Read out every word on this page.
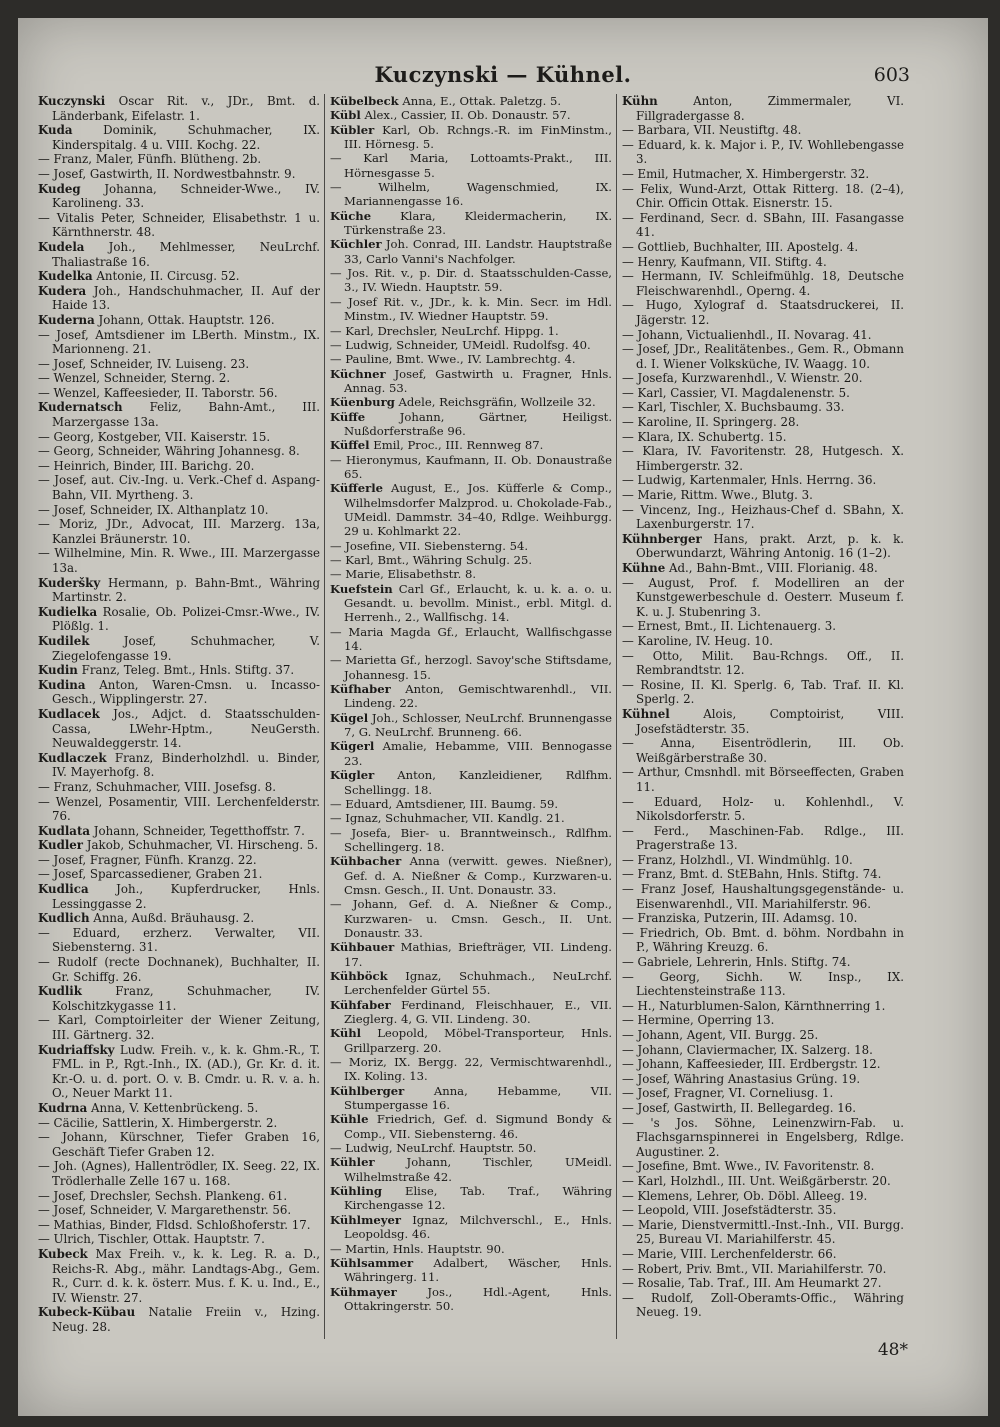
Kuczynski — Kühnel.	603
Kuczynski Oscar Rit. v., JDr., Bmt. d. Länderbank, Eifelastr. 1.
Kuda	Dominik, Schuhmacher, IX. Kinderspitalg. 4 u. VIII. Kochg. 22.
— Franz, Maler, Fünfh. Blütheng. 2b.
— Josef, Gastwirth, II. Nordwestbahnstr. 9.
Kudeg Johanna, Schneider-Wwe., IV. Karolineng. 33.
— Vitalis Peter, Schneider, Elisabethstr. 1 u. Kärnthnerstr. 48.
Kudela Joh., Mehlmesser, NeuLrchf. Thaliastraße 16.
Kudelka Antonie, II. Circusg. 52.
Kudera Joh., Handschuhmacher, II. Auf der Haide 13.
Kuderna Johann, Ottak. Hauptstr. 126.
— Josef, Amtsdiener im LBerth. Minstm., IX. Marionneng. 21.
— Josef, Schneider, IV. Luiseng. 23.
— Wenzel, Schneider, Sterng. 2.
— Wenzel, Kaffeesieder, II. Taborstr. 56.
Kudernatsch Feliz, Bahn-Amt., III. Marzergasse 13a.
— Georg, Kostgeber, VII. Kaiserstr. 15.
— Georg, Schneider, Währing Johannesg. 8.
— Heinrich, Binder, III. Barichg. 20.
— Josef, aut. Civ.-Ing. u. Verk.-Chef d. Aspang-Bahn, VII. Myrtheng. 3.
— Josef, Schneider, IX. Althanplatz 10.
— Moriz, JDr., Advocat, III. Marzerg. 13a, Kanzlei Bräunerstr. 10.
— Wilhelmine, Min. R. Wwe., III. Marzergasse 13a.
Kuderšky Hermann, p. Bahn-Bmt., Währing Martinstr. 2.
Kudielka Rosalie, Ob. Polizei-Cmsr.-Wwe., IV. Plößlg. 1.
Kudilek	Josef, Schuhmacher, V. Ziegelofengasse 19.
Kudin Franz, Teleg. Bmt., Hnls. Stiftg. 37.
Kudina Anton, Waren-Cmsn. u. Incasso-Gesch., Wipplingerstr. 27.
Kudlacek Jos., Adjct. d. Staatsschulden-Cassa, LWehr-Hptm., NeuGersth. Neuwaldeggerstr. 14.
Kudlaczek Franz, Binderholzhdl. u. Binder, IV. Mayerhofg. 8.
— Franz, Schuhmacher, VIII. Josefsg. 8.
— Wenzel, Posamentir, VIII. Lerchenfelderstr. 76.
Kudlata Johann, Schneider, Tegetthoffstr. 7.
Kudler Jakob, Schuhmacher, VI. Hirscheng. 5.
— Josef, Fragner, Fünfh. Kranzg. 22.
— Josef, Sparcassediener, Graben 21.
Kudlica Joh., Kupferdrucker, Hnls. Lessinggasse 2.
Kudlich Anna, Außd. Bräuhausg. 2.
— Eduard, erzherz. Verwalter, VII. Siebensterng. 31.
— Rudolf (recte Dochnanek), Buchhalter, II. Gr. Schiffg. 26.
Kudlik	Franz, Schuhmacher, IV. Kolschitzkygasse 11.
— Karl, Comptoirleiter der Wiener Zeitung, III. Gärtnerg. 32.
Kudriaffsky Ludw. Freih. v., k. k. Ghm.-R., T. FML. in P., Rgt.-Inh., IX. (AD.), Gr. Kr. d. it. Kr.-O. u. d. port. O. v. B. Cmdr. u. R. v. a. h. O., Neuer Markt 11.
Kudrna Anna, V. Kettenbrückeng. 5.
— Cäcilie, Sattlerin, X. Himbergerstr. 2.
— Johann, Kürschner, Tiefer Graben 16, Geschäft Tiefer Graben 12.
— Joh. (Agnes), Hallentrödler, IX. Seeg. 22, IX. Trödlerhalle Zelle 167 u. 168.
— Josef, Drechsler, Sechsh. Plankeng. 61.
— Josef, Schneider, V. Margarethenstr. 56.
— Mathias, Binder, Fldsd. Schloßhoferstr. 17.
— Ulrich, Tischler, Ottak. Hauptstr. 7.
Kubeck Max Freih. v., k. k. Leg. R. a. D., Reichs-R. Abg., mähr. Landtags-Abg., Gem. R., Curr. d. k. k. österr. Mus. f. K. u. Ind., E., IV. Wienstr. 27.
Kubeck-Kübau Natalie Freiin v., Hzing. Neug. 28.
Kübelbeck Anna, E., Ottak. Paletzg. 5.
Kübl Alex., Cassier, II. Ob. Donaustr. 57.
Kübler Karl, Ob. Rchngs.-R. im FinMinstm., III. Hörnesg. 5.
— Karl Maria, Lottoamts-Prakt., III. Hörnesgasse 5.
— Wilhelm, Wagenschmied, IX. Mariannengasse 16.
Küche	Klara, Kleidermacherin, IX. Türkenstraße 23.
Küchler Joh. Conrad, III. Landstr. Hauptstraße 33, Carlo Vanni's Nachfolger.
— Jos. Rit. v., p. Dir. d. Staatsschulden-Casse, 3., IV. Wiedn. Hauptstr. 59.
— Josef Rit. v., JDr., k. k. Min. Secr. im Hdl. Minstm., IV. Wiedner Hauptstr. 59.
— Karl, Drechsler, NeuLrchf. Hippg. 1.
— Ludwig, Schneider, UMeidl. Rudolfsg. 40.
— Pauline, Bmt. Wwe., IV. Lambrechtg. 4.
Küchner Josef, Gastwirth u. Fragner, Hnls. Annag. 53.
Küenburg Adele, Reichsgräfin, Wollzeile 32.
Küffe	Johann, Gärtner, Heiligst. Nußdorferstraße 96.
Küffel Emil, Proc., III. Rennweg 87.
— Hieronymus, Kaufmann, II. Ob. Donaustraße 65.
Küfferle August, E., Jos. Küfferle & Comp., Wilhelmsdorfer Malzprod. u. Chokolade-Fab., UMeidl. Dammstr. 34–40, Rdlge. Weihburgg. 29 u. Kohlmarkt 22.
— Josefine, VII. Siebensterng. 54.
— Karl, Bmt., Währing Schulg. 25.
— Marie, Elisabethstr. 8.
Kuefstein Carl Gf., Erlaucht, k. u. k. a. o. u. Gesandt. u. bevollm. Minist., erbl. Mitgl. d. Herrenh., 2., Wallfischg. 14.
— Maria Magda Gf., Erlaucht, Wallfischgasse 14.
— Marietta Gf., herzogl. Savoy'sche Stiftsdame, Johannesg. 15.
Küfhaber Anton, Gemischtwarenhdl., VII. Lindeng. 22.
Kügel Joh., Schlosser, NeuLrchf. Brunnengasse 7, G. NeuLrchf. Brunneng. 66.
Kügerl Amalie, Hebamme, VIII. Bennogasse 23.
Kügler Anton, Kanzleidiener, Rdlfhm. Schellingg. 18.
— Eduard, Amtsdiener, III. Baumg. 59.
— Ignaz, Schuhmacher, VII. Kandlg. 21.
— Josefa, Bier- u. Branntweinsch., Rdlfhm. Schellingerg. 18.
Kühbacher Anna (verwitt. gewes. Nießner), Gef. d. A. Nießner & Comp., Kurzwaren-u. Cmsn. Gesch., II. Unt. Donaustr. 33.
— Johann, Gef. d. A. Nießner & Comp., Kurzwaren- u. Cmsn. Gesch., II. Unt. Donaustr. 33.
Kühbauer Mathias, Briefträger, VII. Lindeng. 17.
Kühböck Ignaz, Schuhmach., NeuLrchf. Lerchenfelder Gürtel 55.
Kühfaber Ferdinand, Fleischhauer, E., VII. Zieglerg. 4, G. VII. Lindeng. 30.
Kühl Leopold, Möbel-Transporteur, Hnls. Grillparzerg. 20.
— Moriz, IX. Bergg. 22, Vermischtwarenhdl., IX. Koling. 13.
Kühlberger	Anna, Hebamme, VII. Stumpergasse 16.
Kühle Friedrich, Gef. d. Sigmund Bondy & Comp., VII. Siebensterng. 46.
— Ludwig, NeuLrchf. Hauptstr. 50.
Kühler	Johann, Tischler, UMeidl. Wilhelmstraße 42.
Kühling Elise, Tab. Traf., Währing Kirchengasse 12.
Kühlmeyer Ignaz, Milchverschl., E., Hnls. Leopoldsg. 46.
— Martin, Hnls. Hauptstr. 90.
Kühlsammer Adalbert, Wäscher, Hnls. Währingerg. 11.
Kühmayer	Jos., Hdl.-Agent, Hnls. Ottakringerstr. 50.
Kühn	Anton, Zimmermaler, VI. Fillgradergasse 8.
— Barbara, VII. Neustiftg. 48.
— Eduard, k. k. Major i. P., IV. Wohllebengasse 3.
— Emil, Hutmacher, X. Himbergerstr. 32.
— Felix, Wund-Arzt, Ottak Ritterg. 18. (2–4), Chir. Officin Ottak. Eisnerstr. 15.
— Ferdinand, Secr. d. SBahn, III. Fasangasse 41.
— Gottlieb, Buchhalter, III. Apostelg. 4.
— Henry, Kaufmann, VII. Stiftg. 4.
— Hermann, IV. Schleifmühlg. 18, Deutsche Fleischwarenhdl., Operng. 4.
— Hugo, Xylograf d. Staatsdruckerei, II. Jägerstr. 12.
— Johann, Victualienhdl., II. Novarag. 41.
— Josef, JDr., Realitätenbes., Gem. R., Obmann d. I. Wiener Volksküche, IV. Waagg. 10.
— Josefa, Kurzwarenhdl., V. Wienstr. 20.
— Karl, Cassier, VI. Magdalenenstr. 5.
— Karl, Tischler, X. Buchsbaumg. 33.
— Karoline, II. Springerg. 28.
— Klara, IX. Schubertg. 15.
— Klara, IV. Favoritenstr. 28, Hutgesch. X. Himbergerstr. 32.
— Ludwig, Kartenmaler, Hnls. Herrng. 36.
— Marie, Rittm. Wwe., Blutg. 3.
— Vincenz, Ing., Heizhaus-Chef d. SBahn, X. Laxenburgerstr. 17.
Kühnberger Hans, prakt. Arzt, p. k. k. Oberwundarzt, Währing Antonig. 16 (1–2).
Kühne Ad., Bahn-Bmt., VIII. Florianig. 48.
— August, Prof. f. Modelliren an der Kunstgewerbeschule d. Oesterr. Museum f. K. u. J. Stubenring 3.
— Ernest, Bmt., II. Lichtenauerg. 3.
— Karoline, IV. Heug. 10.
— Otto, Milit. Bau-Rchngs. Off., II. Rembrandtstr. 12.
— Rosine, II. Kl. Sperlg. 6, Tab. Traf. II. Kl. Sperlg. 2.
Kühnel	Alois, Comptoirist, VIII. Josefstädterstr. 35.
— Anna, Eisentrödlerin, III. Ob. Weißgärberstraße 30.
— Arthur, Cmsnhdl. mit Börseeffecten, Graben 11.
— Eduard, Holz- u. Kohlenhdl., V. Nikolsdorferstr. 5.
— Ferd., Maschinen-Fab. Rdlge., III. Pragerstraße 13.
— Franz, Holzhdl., VI. Windmühlg. 10.
— Franz, Bmt. d. StEBahn, Hnls. Stiftg. 74.
— Franz Josef, Haushaltungsgegenstände- u. Eisenwarenhdl., VII. Mariahilferstr. 96.
— Franziska, Putzerin, III. Adamsg. 10.
— Friedrich, Ob. Bmt. d. böhm. Nordbahn in P., Währing Kreuzg. 6.
— Gabriele, Lehrerin, Hnls. Stiftg. 74.
— Georg, Sichh. W. Insp., IX. Liechtensteinstraße 113.
— H., Naturblumen-Salon, Kärnthnerring 1.
— Hermine, Operring 13.
— Johann, Agent, VII. Burgg. 25.
— Johann, Claviermacher, IX. Salzerg. 18.
— Johann, Kaffeesieder, III. Erdbergstr. 12.
— Josef, Währing Anastasius Grüng. 19.
— Josef, Fragner, VI. Corneliusg. 1.
— Josef, Gastwirth, II. Bellegardeg. 16.
— 's Jos. Söhne, Leinenzwirn-Fab. u. Flachsgarnspinnerei in Engelsberg, Rdlge. Augustiner. 2.
— Josefine, Bmt. Wwe., IV. Favoritenstr. 8.
— Karl, Holzhdl., III. Unt. Weißgärberstr. 20.
— Klemens, Lehrer, Ob. Döbl. Alleeg. 19.
— Leopold, VIII. Josefstädterstr. 35.
— Marie, Dienstvermittl.-Inst.-Inh., VII. Burgg. 25, Bureau VI. Mariahilferstr. 45.
— Marie, VIII. Lerchenfelderstr. 66.
— Robert, Priv. Bmt., VII. Mariahilferstr. 70.
— Rosalie, Tab. Traf., III. Am Heumarkt 27.
— Rudolf, Zoll-Oberamts-Offic., Währing Neueg. 19.
48*
